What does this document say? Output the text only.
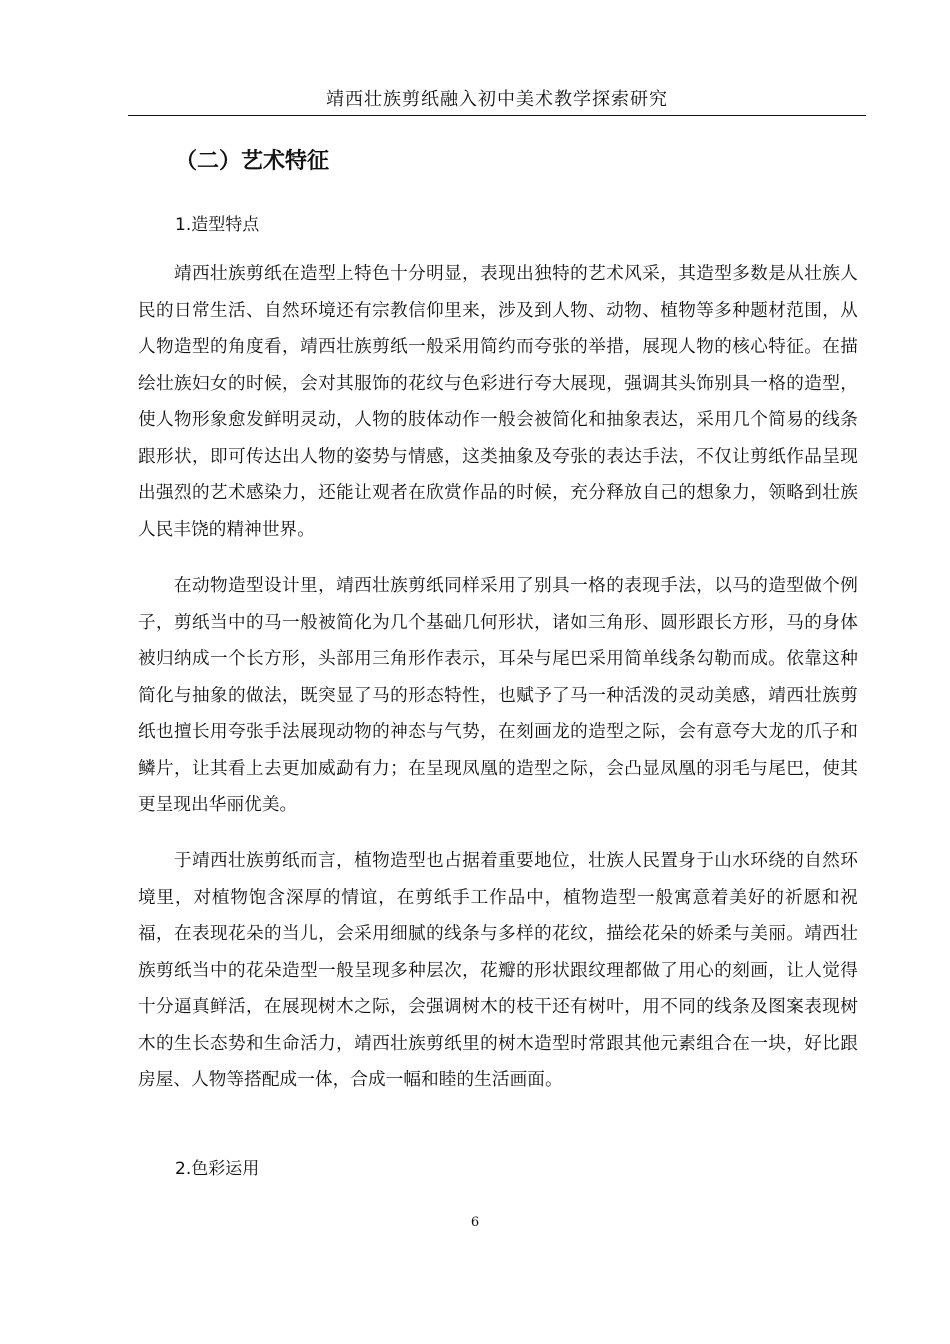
靖西壮族剪纸融入初中美术教学探索研究
（二）艺术特征
1.造型特点

靖西壮族剪纸在造型上特色十分明显，表现出独特的艺术风采，其造型多数是从壮族人民的日常生活、自然环境还有宗教信仰里来，涉及到人物、动物、植物等多种题材范围，从人物造型的角度看，靖西壮族剪纸一般采用简约而夸张的举措，展现人物的核心特征。在描绘壮族妇女的时候，会对其服饰的花纹与色彩进行夸大展现，强调其头饰别具一格的造型，使人物形象愈发鲜明灵动，人物的肢体动作一般会被简化和抽象表达，采用几个简易的线条跟形状，即可传达出人物的姿势与情感，这类抽象及夸张的表达手法，不仅让剪纸作品呈现出强烈的艺术感染力，还能让观者在欣赏作品的时候，充分释放自己的想象力，领略到壮族人民丰饶的精神世界。

在动物造型设计里，靖西壮族剪纸同样采用了别具一格的表现手法，以马的造型做个例子，剪纸当中的马一般被简化为几个基础几何形状，诸如三角形、圆形跟长方形，马的身体被归纳成一个长方形，头部用三角形作表示，耳朵与尾巴采用简单线条勾勒而成。依靠这种简化与抽象的做法，既突显了马的形态特性，也赋予了马一种活泼的灵动美感，靖西壮族剪纸也擅长用夸张手法展现动物的神态与气势，在刻画龙的造型之际，会有意夸大龙的爪子和鳞片，让其看上去更加威勐有力；在呈现凤凰的造型之际，会凸显凤凰的羽毛与尾巴，使其更呈现出华丽优美。

于靖西壮族剪纸而言，植物造型也占据着重要地位，壮族人民置身于山水环绕的自然环境里，对植物饱含深厚的情谊，在剪纸手工作品中，植物造型一般寓意着美好的祈愿和祝福，在表现花朵的当儿，会采用细腻的线条与多样的花纹，描绘花朵的娇柔与美丽。靖西壮族剪纸当中的花朵造型一般呈现多种层次，花瓣的形状跟纹理都做了用心的刻画，让人觉得十分逼真鲜活，在展现树木之际，会强调树木的枝干还有树叶，用不同的线条及图案表现树木的生长态势和生命活力，靖西壮族剪纸里的树木造型时常跟其他元素组合在一块，好比跟房屋、人物等搭配成一体，合成一幅和睦的生活画面。

2.色彩运用
6
